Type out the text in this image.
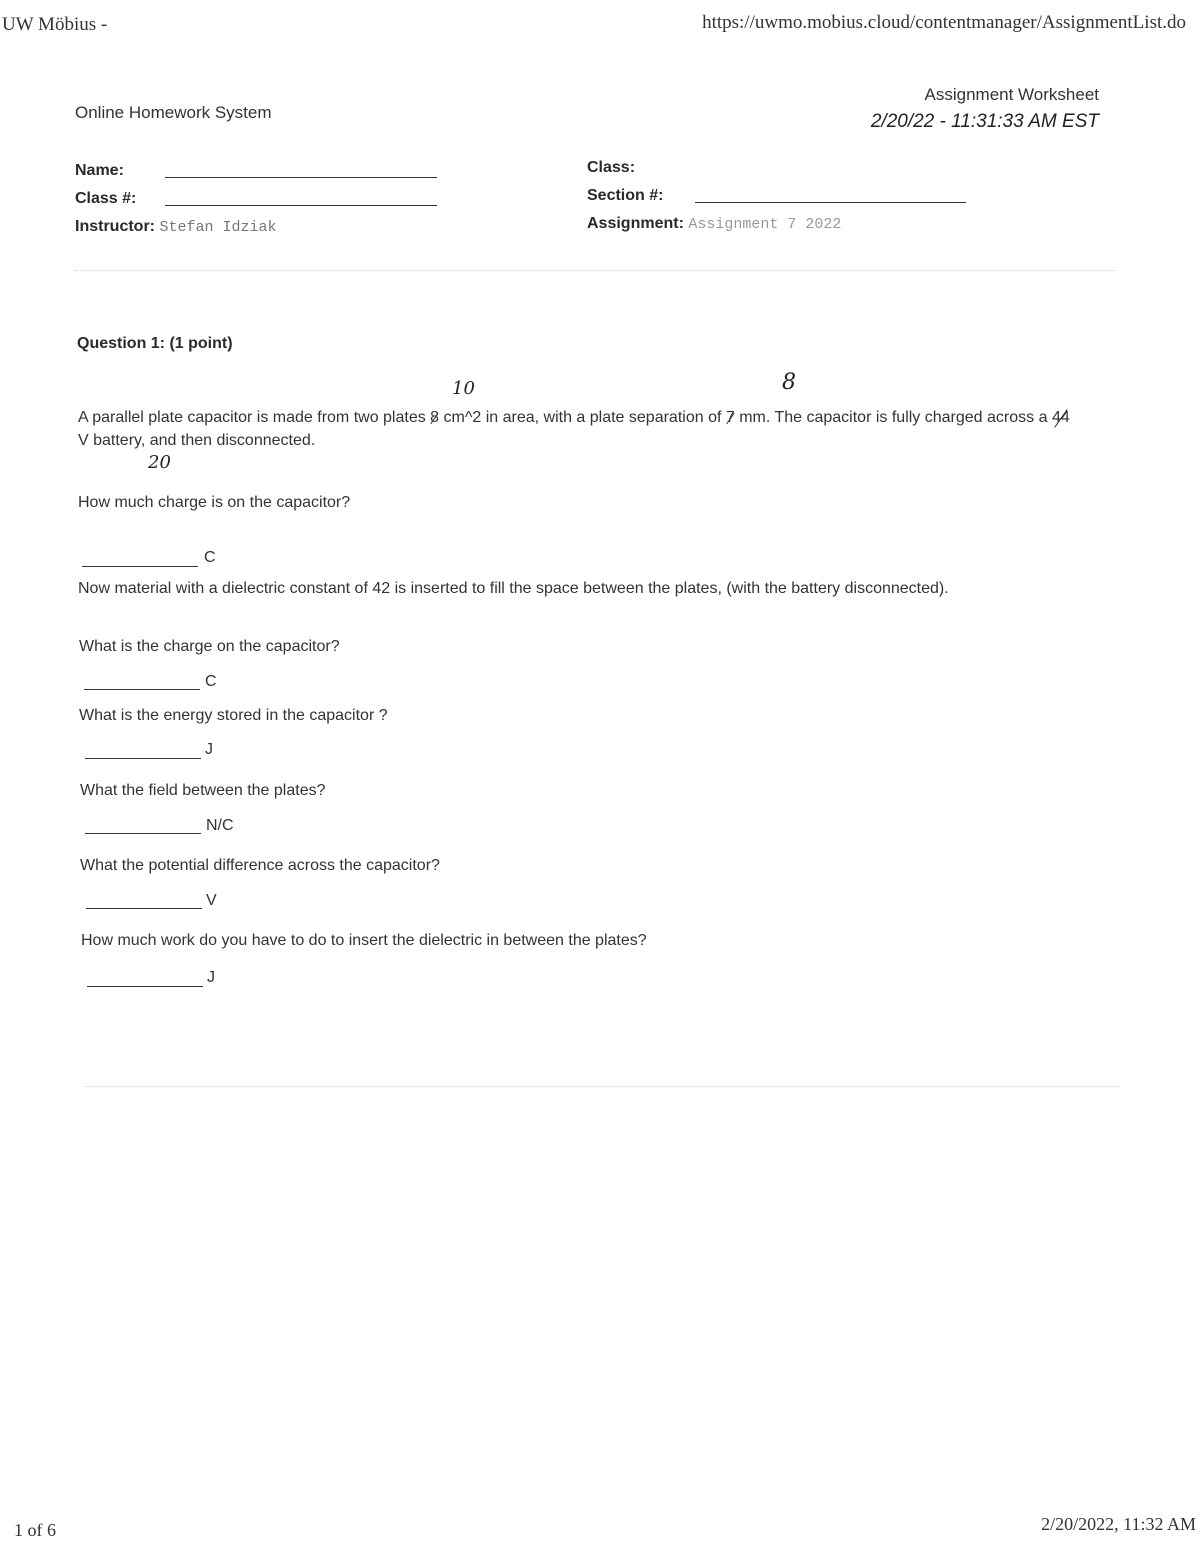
UW Möbius -	https://uwmo.mobius.cloud/contentmanager/AssignmentList.do
Online Homework System
Assignment Worksheet
2/20/22 - 11:31:33 AM EST
Name:
Class #:
Instructor: Stefan Idziak
Class:
Section #:
Assignment: Assignment 7 2022
Question 1: (1 point)
10	8
20
A parallel plate capacitor is made from two plates 8 cm^2 in area, with a plate separation of 7 mm. The capacitor is fully charged across a 44 V battery, and then disconnected.
How much charge is on the capacitor?
C
Now material with a dielectric constant of 42 is inserted to fill the space between the plates, (with the battery disconnected).
What is the charge on the capacitor?
C
What is the energy stored in the capacitor ?
J
What the field between the plates?
N/C
What the potential difference across the capacitor?
V
How much work do you have to do to insert the dielectric in between the plates?
J
1 of 6	2/20/2022, 11:32 AM
